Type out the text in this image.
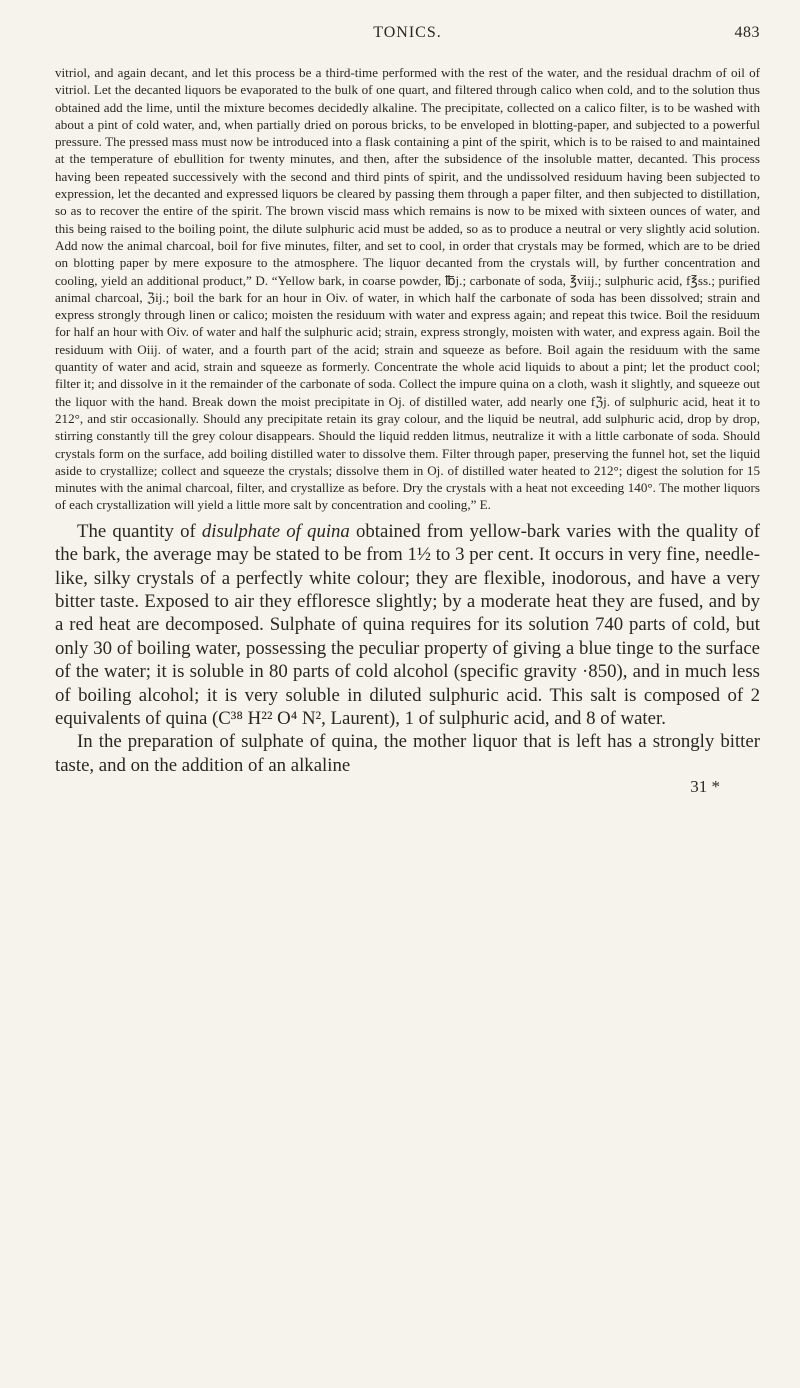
TONICS.	483

vitriol, and again decant, and let this process be a third-time performed with the rest of the water, and the residual drachm of oil of vitriol. Let the decanted liquors be evaporated to the bulk of one quart, and filtered through calico when cold, and to the solution thus obtained add the lime, until the mixture becomes decidedly alkaline. The precipitate, collected on a calico filter, is to be washed with about a pint of cold water, and, when partially dried on porous bricks, to be enveloped in blotting-paper, and subjected to a powerful pressure. The pressed mass must now be introduced into a flask containing a pint of the spirit, which is to be raised to and maintained at the temperature of ebullition for twenty minutes, and then, after the subsidence of the insoluble matter, decanted. This process having been repeated successively with the second and third pints of spirit, and the undissolved residuum having been subjected to expression, let the decanted and expressed liquors be cleared by passing them through a paper filter, and then subjected to distillation, so as to recover the entire of the spirit. The brown viscid mass which remains is now to be mixed with sixteen ounces of water, and this being raised to the boiling point, the dilute sulphuric acid must be added, so as to produce a neutral or very slightly acid solution. Add now the animal charcoal, boil for five minutes, filter, and set to cool, in order that crystals may be formed, which are to be dried on blotting paper by mere exposure to the atmosphere. The liquor decanted from the crystals will, by further concentration and cooling, yield an additional product,” D. “Yellow bark, in coarse powder, ℔j.; carbonate of soda, ℥viij.; sulphuric acid, f℥ss.; purified animal charcoal, ℨij.; boil the bark for an hour in Oiv. of water, in which half the carbonate of soda has been dissolved; strain and express strongly through linen or calico; moisten the residuum with water and express again; and repeat this twice. Boil the residuum for half an hour with Oiv. of water and half the sulphuric acid; strain, express strongly, moisten with water, and express again. Boil the residuum with Oiij. of water, and a fourth part of the acid; strain and squeeze as before. Boil again the residuum with the same quantity of water and acid, strain and squeeze as formerly. Concentrate the whole acid liquids to about a pint; let the product cool; filter it; and dissolve in it the remainder of the carbonate of soda. Collect the impure quina on a cloth, wash it slightly, and squeeze out the liquor with the hand. Break down the moist precipitate in Oj. of distilled water, add nearly one fℨj. of sulphuric acid, heat it to 212°, and stir occasionally. Should any precipitate retain its gray colour, and the liquid be neutral, add sulphuric acid, drop by drop, stirring constantly till the grey colour disappears. Should the liquid redden litmus, neutralize it with a little carbonate of soda. Should crystals form on the surface, add boiling distilled water to dissolve them. Filter through paper, preserving the funnel hot, set the liquid aside to crystallize; collect and squeeze the crystals; dissolve them in Oj. of distilled water heated to 212°; digest the solution for 15 minutes with the animal charcoal, filter, and crystallize as before. Dry the crystals with a heat not exceeding 140°. The mother liquors of each crystallization will yield a little more salt by concentration and cooling,” E.

The quantity of disulphate of quina obtained from yellow-bark varies with the quality of the bark, the average may be stated to be from 1½ to 3 per cent. It occurs in very fine, needle-like, silky crystals of a perfectly white colour; they are flexible, inodorous, and have a very bitter taste. Exposed to air they effloresce slightly; by a moderate heat they are fused, and by a red heat are decomposed. Sulphate of quina requires for its solution 740 parts of cold, but only 30 of boiling water, possessing the peculiar property of giving a blue tinge to the surface of the water; it is soluble in 80 parts of cold alcohol (specific gravity ·850), and in much less of boiling alcohol; it is very soluble in diluted sulphuric acid. This salt is composed of 2 equivalents of quina (C³⁸ H²² O⁴ N², Laurent), 1 of sulphuric acid, and 8 of water.

In the preparation of sulphate of quina, the mother liquor that is left has a strongly bitter taste, and on the addition of an alkaline

31 *
